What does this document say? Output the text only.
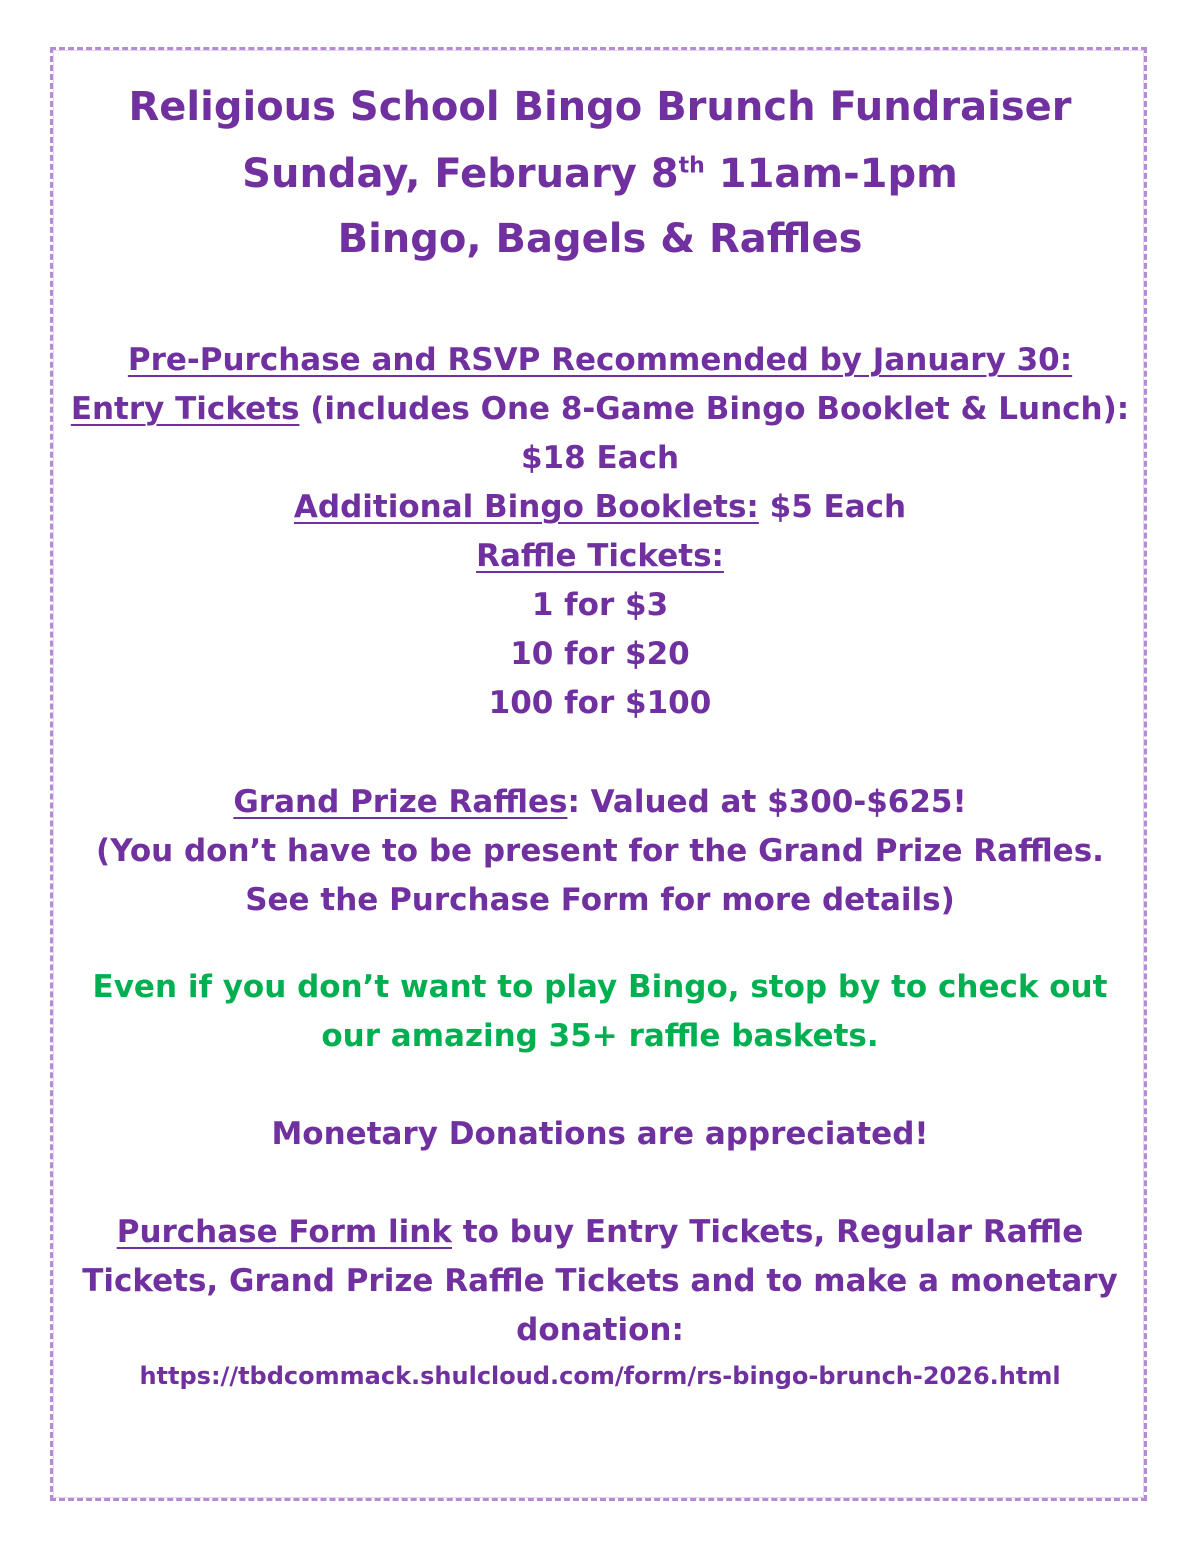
Religious School Bingo Brunch Fundraiser
Sunday, February 8th 11am-1pm
Bingo, Bagels & Raffles
Pre-Purchase and RSVP Recommended by January 30:
Entry Tickets (includes One 8-Game Bingo Booklet & Lunch):
$18 Each
Additional Bingo Booklets: $5 Each
Raffle Tickets:
1 for $3
10 for $20
100 for $100
Grand Prize Raffles: Valued at $300-$625!
(You don’t have to be present for the Grand Prize Raffles.
See the Purchase Form for more details)
Even if you don’t want to play Bingo, stop by to check out
our amazing 35+ raffle baskets.
Monetary Donations are appreciated!
Purchase Form link to buy Entry Tickets, Regular Raffle
Tickets, Grand Prize Raffle Tickets and to make a monetary
donation:
https://tbdcommack.shulcloud.com/form/rs-bingo-brunch-2026.html
